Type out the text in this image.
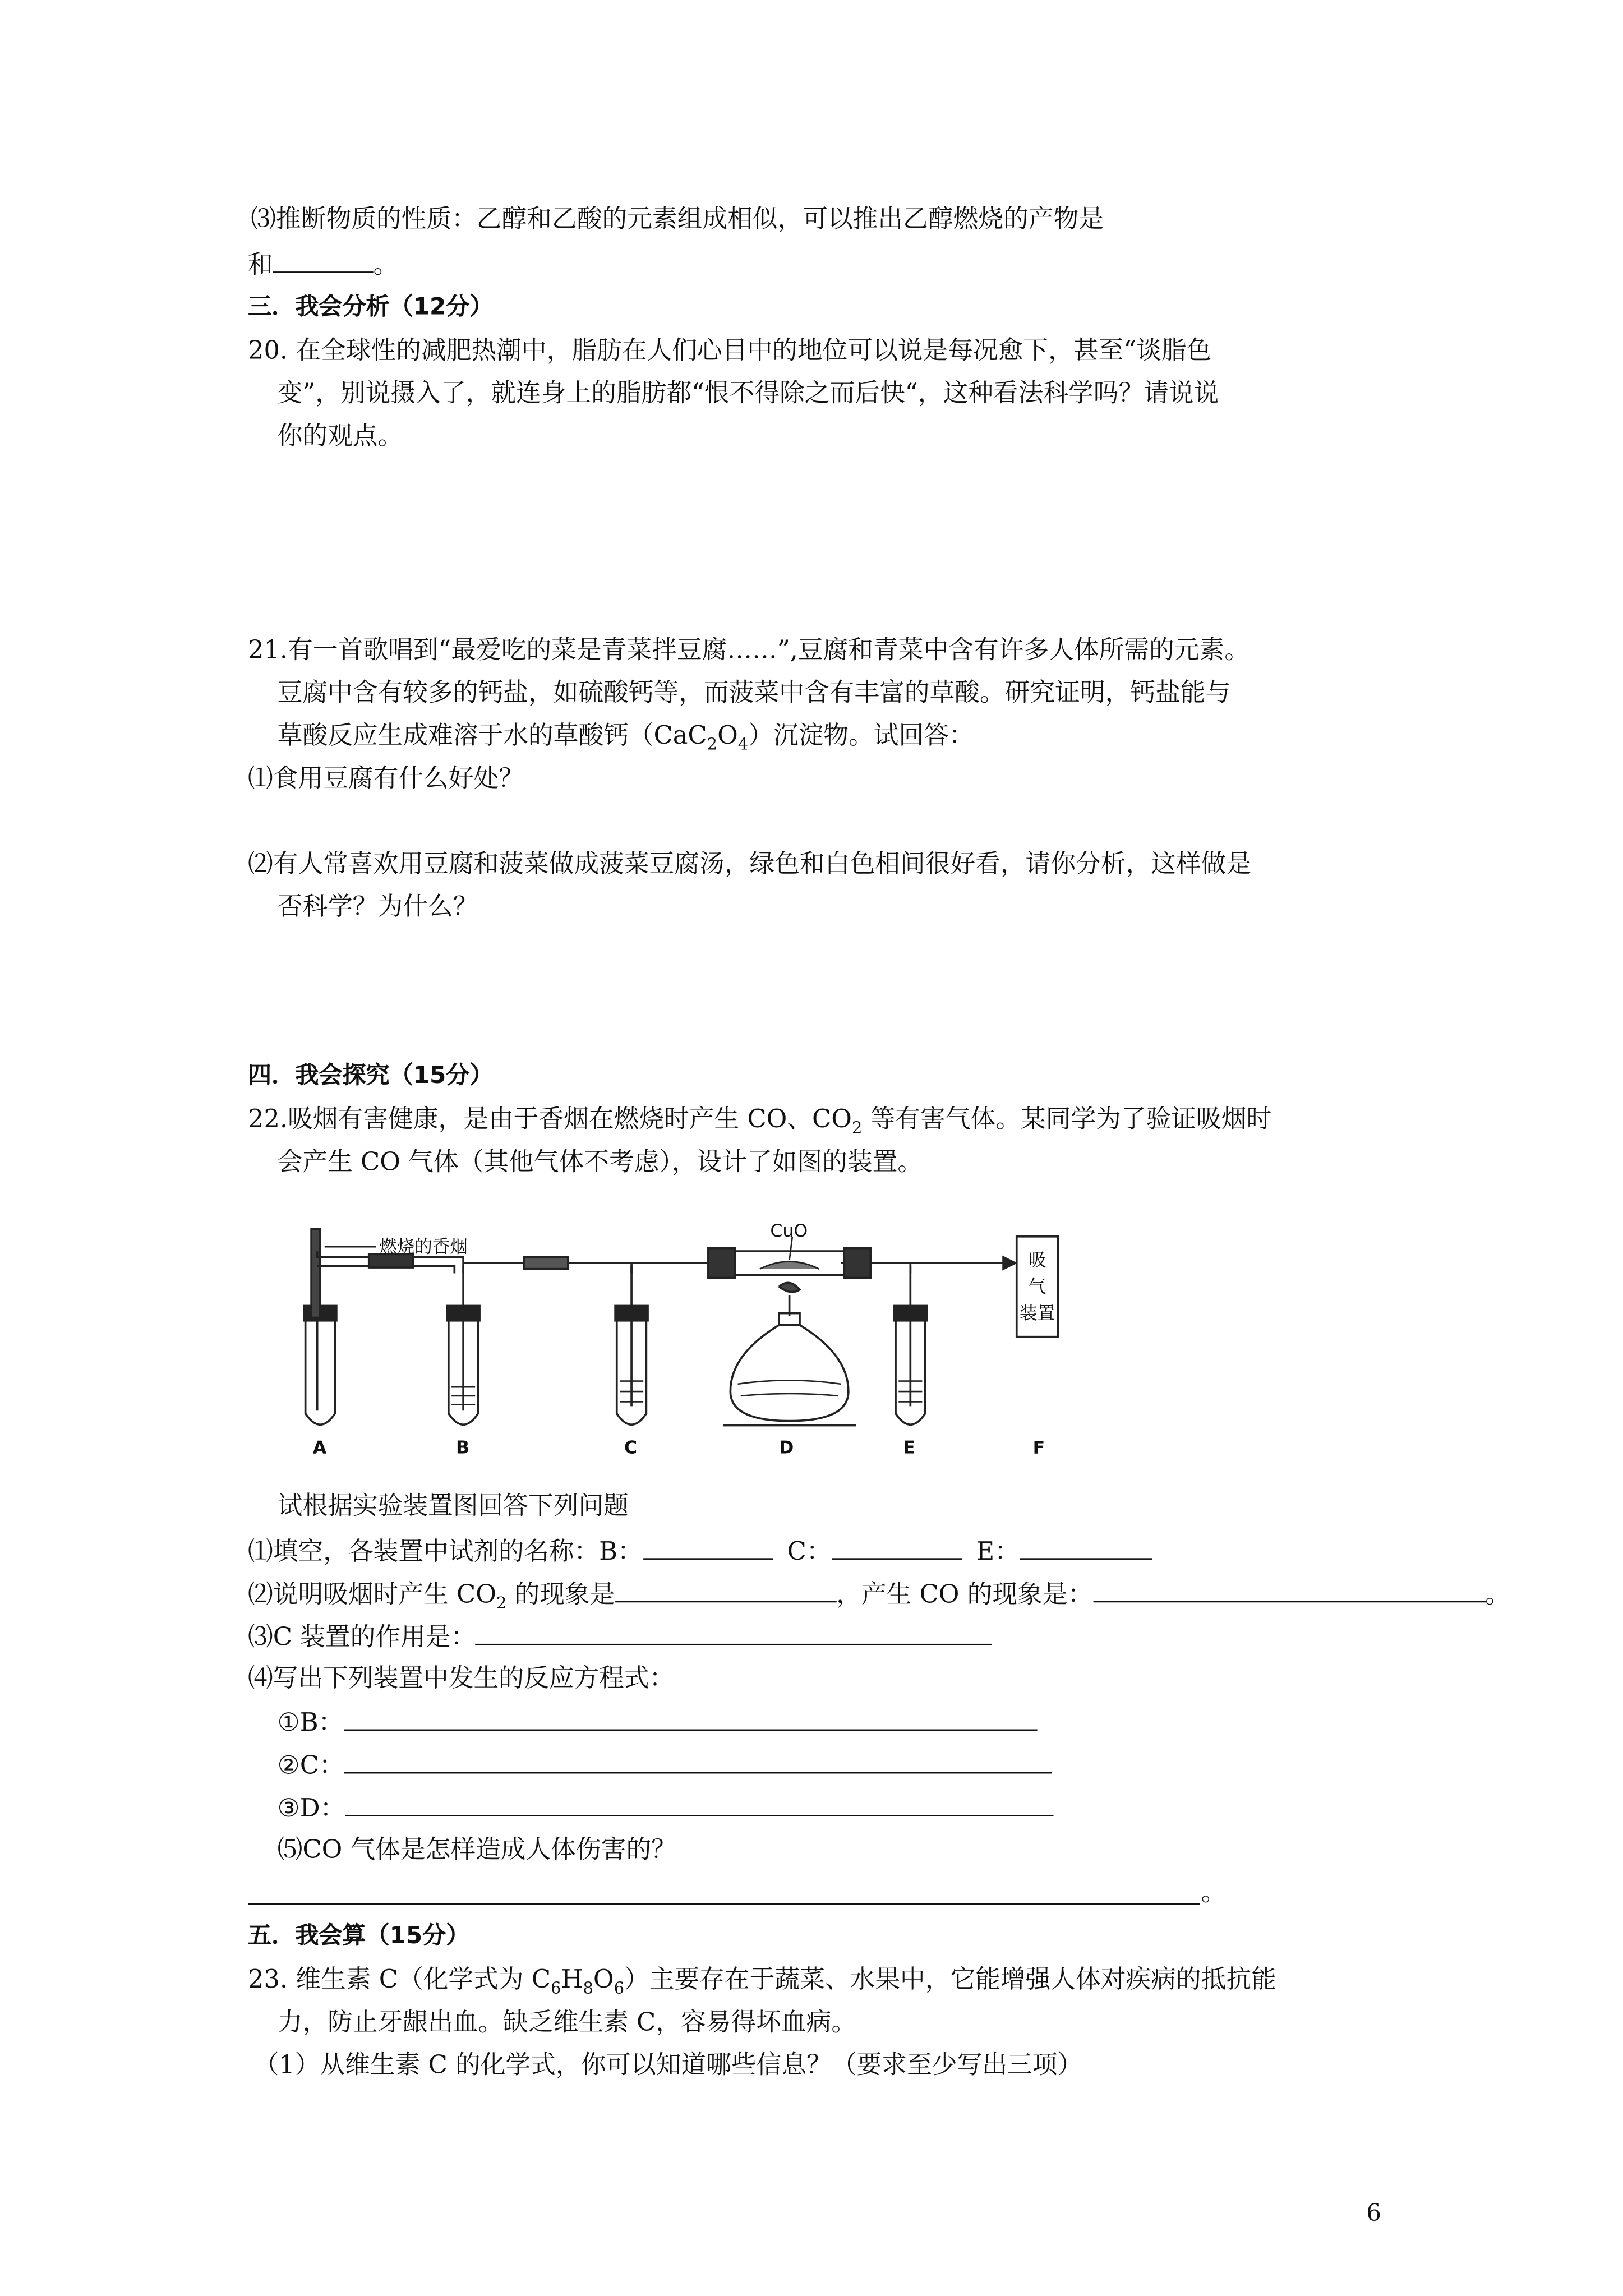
⑶推断物质的性质：乙醇和乙酸的元素组成相似，可以推出乙醇燃烧的产物是
和	。
三．我会分析（12分）
20. 在全球性的减肥热潮中，脂肪在人们心目中的地位可以说是每况愈下，甚至“谈脂色
变”，别说摄入了，就连身上的脂肪都“恨不得除之而后快“，这种看法科学吗？请说说
你的观点。
21.有一首歌唱到“最爱吃的菜是青菜拌豆腐……”,豆腐和青菜中含有许多人体所需的元素。
豆腐中含有较多的钙盐，如硫酸钙等，而菠菜中含有丰富的草酸。研究证明，钙盐能与
草酸反应生成难溶于水的草酸钙$(CaC_2O_4)$沉淀物。试回答：
⑴食用豆腐有什么好处？
⑵有人常喜欢用豆腐和菠菜做成菠菜豆腐汤，绿色和白色相间很好看，请你分析，这样做是
否科学？为什么？
四．我会探究（15分）
22.吸烟有害健康，是由于香烟在燃烧时产生 CO、$CO_2$ 等有害气体。某同学为了验证吸烟时
会产生 CO 气体（其他气体不考虑），设计了如图的装置。
燃烧的香烟
CuO
吸
气
装置
A	B	C	D	E	F
试根据实验装置图回答下列问题
⑴填空，各装置中试剂的名称：B：	C：	E：
⑵说明吸烟时产生 $CO_2$ 的现象是	，产生 CO 的现象是：	。
⑶C 装置的作用是：
⑷写出下列装置中发生的反应方程式：
①B：
②C：
③D：
⑸CO 气体是怎样造成人体伤害的？
。
五．我会算（15分）
23. 维生素 C（化学式为 $C_6H_8O_6$）主要存在于蔬菜、水果中，它能增强人体对疾病的抵抗能
力，防止牙龈出血。缺乏维生素 C，容易得坏血病。
（1）从维生素 C 的化学式，你可以知道哪些信息？（要求至少写出三项）
6
